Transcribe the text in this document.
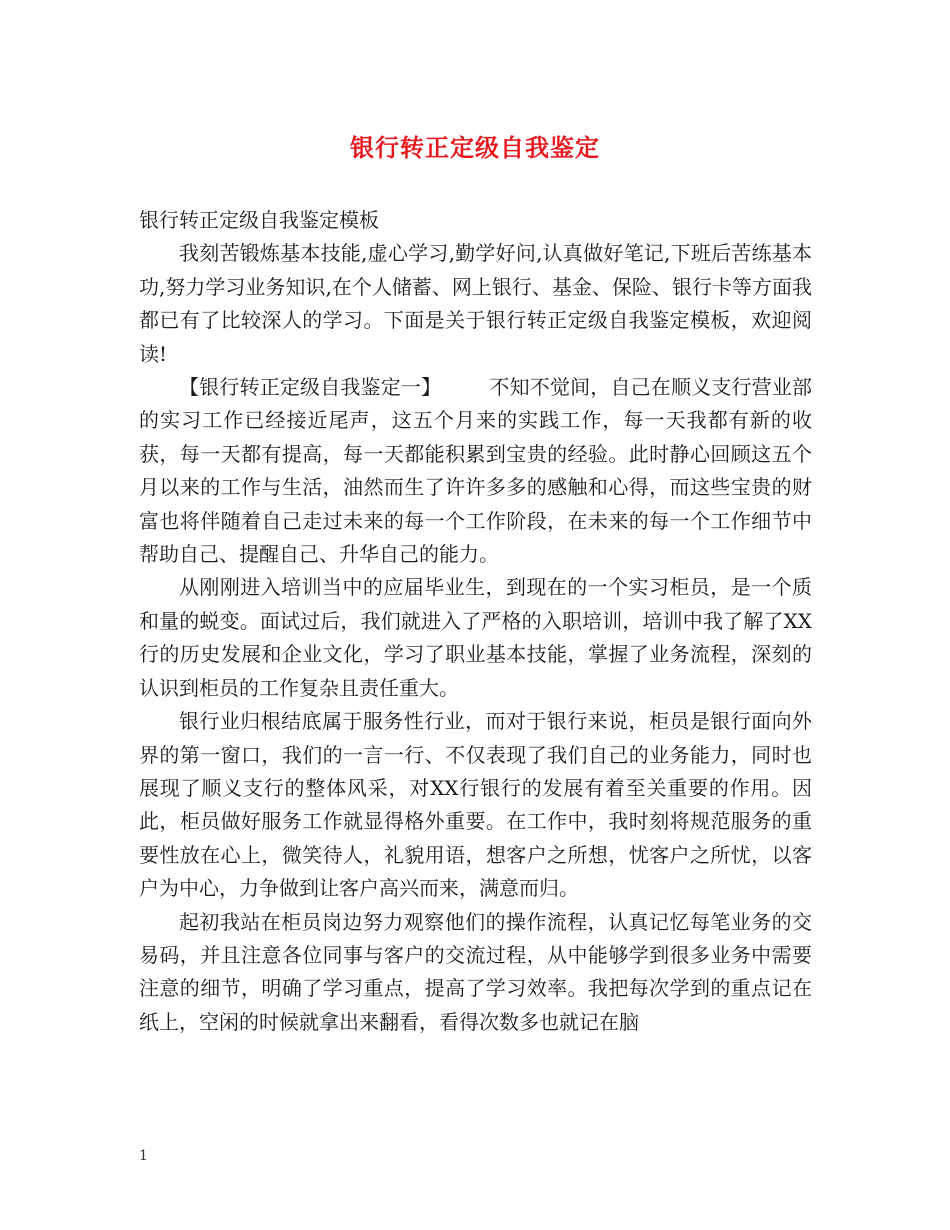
银行转正定级自我鉴定

银行转正定级自我鉴定模板

我刻苦锻炼基本技能,虚心学习,勤学好问,认真做好笔记,下班后苦练基本功,努力学习业务知识,在个人储蓄、网上银行、基金、保险、银行卡等方面我都已有了比较深人的学习。下面是关于银行转正定级自我鉴定模板，欢迎阅读!

【银行转正定级自我鉴定一】 不知不觉间，自己在顺义支行营业部的实习工作已经接近尾声，这五个月来的实践工作，每一天我都有新的收获，每一天都有提高，每一天都能积累到宝贵的经验。此时静心回顾这五个月以来的工作与生活，油然而生了许许多多的感触和心得，而这些宝贵的财富也将伴随着自己走过未来的每一个工作阶段，在未来的每一个工作细节中帮助自己、提醒自己、升华自己的能力。

从刚刚进入培训当中的应届毕业生，到现在的一个实习柜员，是一个质和量的蜕变。面试过后，我们就进入了严格的入职培训，培训中我了解了XX行的历史发展和企业文化，学习了职业基本技能，掌握了业务流程，深刻的认识到柜员的工作复杂且责任重大。

银行业归根结底属于服务性行业，而对于银行来说，柜员是银行面向外界的第一窗口，我们的一言一行、不仅表现了我们自己的业务能力，同时也展现了顺义支行的整体风采，对XX行银行的发展有着至关重要的作用。因此，柜员做好服务工作就显得格外重要。在工作中，我时刻将规范服务的重要性放在心上，微笑待人，礼貌用语，想客户之所想，忧客户之所忧，以客户为中心，力争做到让客户高兴而来，满意而归。

起初我站在柜员岗边努力观察他们的操作流程，认真记忆每笔业务的交易码，并且注意各位同事与客户的交流过程，从中能够学到很多业务中需要注意的细节，明确了学习重点，提高了学习效率。我把每次学到的重点记在纸上，空闲的时候就拿出来翻看，看得次数多也就记在脑

1
